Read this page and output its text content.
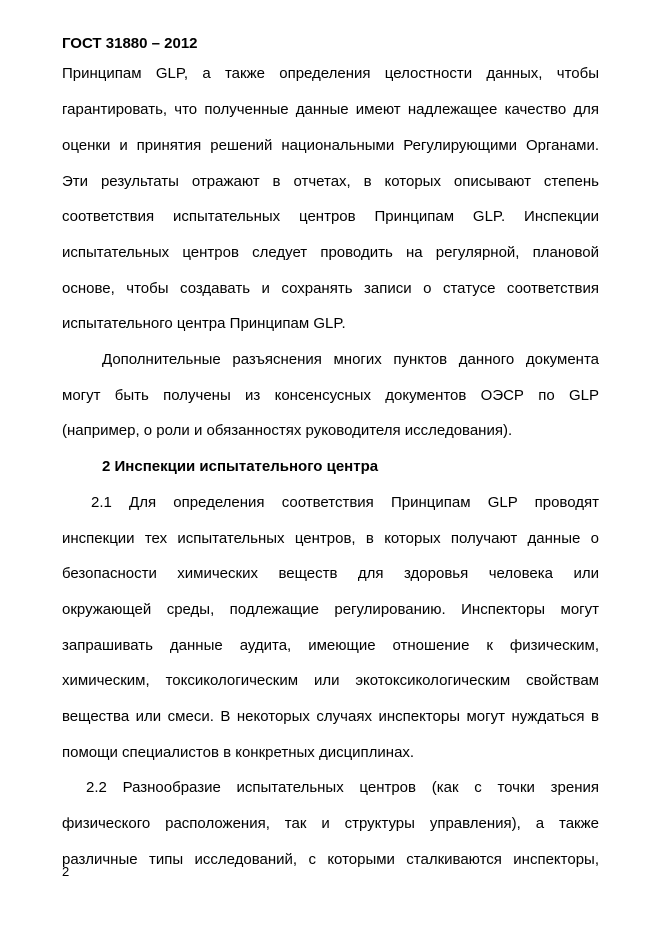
ГОСТ 31880 – 2012
Принципам GLP, а также определения целостности данных, чтобы
гарантировать, что полученные данные имеют надлежащее качество для
оценки и принятия решений национальными Регулирующими Органами.
Эти результаты отражают в отчетах, в которых описывают степень
соответствия испытательных центров Принципам GLP. Инспекции
испытательных центров следует проводить на регулярной, плановой
основе, чтобы создавать и сохранять записи о статусе соответствия
испытательного центра Принципам GLP.
Дополнительные разъяснения многих пунктов данного документа
могут быть получены из консенсусных документов ОЭСР по GLP
(например, о роли и обязанностях руководителя исследования).
2 Инспекции испытательного центра
2.1 Для определения соответствия Принципам GLP проводят
инспекции тех испытательных центров, в которых получают данные о
безопасности химических веществ для здоровья человека или
окружающей среды, подлежащие регулированию. Инспекторы могут
запрашивать данные аудита, имеющие отношение к физическим,
химическим, токсикологическим или экотоксикологическим свойствам
вещества или смеси. В некоторых случаях инспекторы могут нуждаться в
помощи специалистов в конкретных дисциплинах.
2.2 Разнообразие испытательных центров (как с точки зрения
физического расположения, так и структуры управления), а также
различные типы исследований, с которыми сталкиваются инспекторы,
2
